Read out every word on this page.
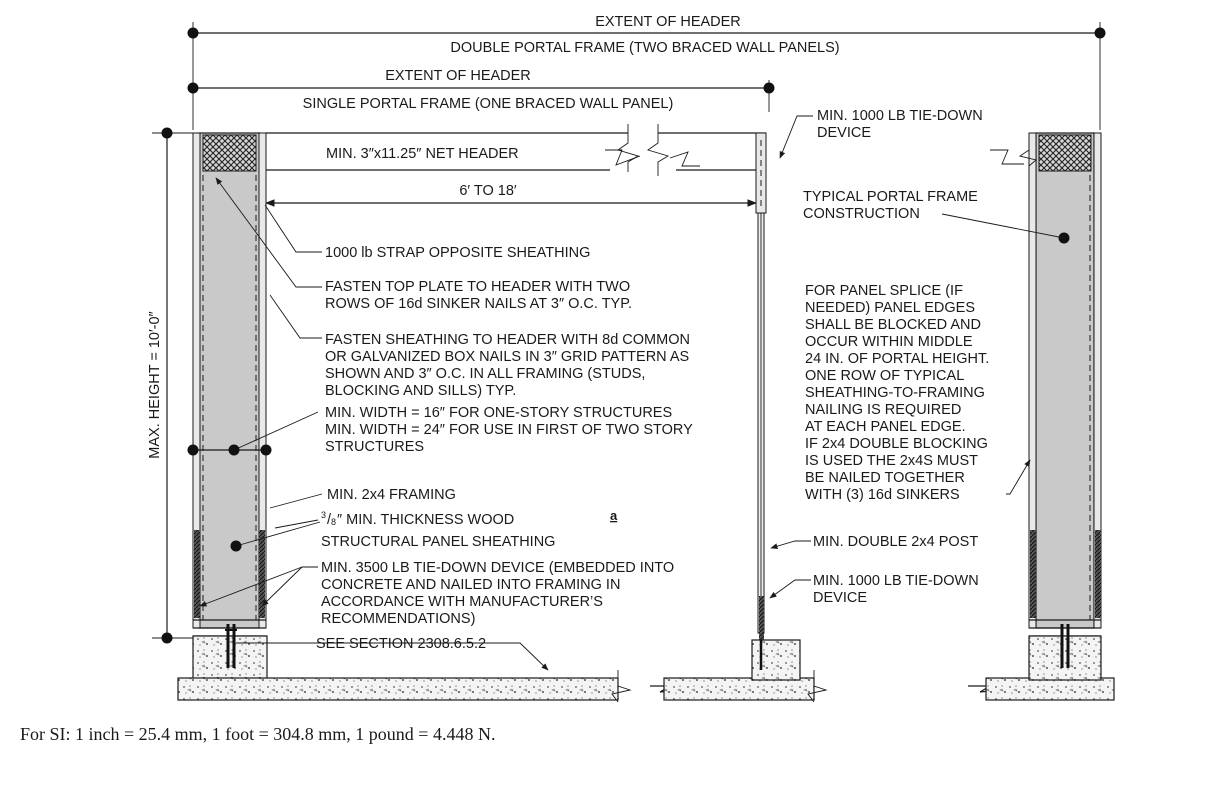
EXTENT OF HEADER
DOUBLE PORTAL FRAME (TWO BRACED WALL PANELS)
EXTENT OF HEADER
SINGLE PORTAL FRAME (ONE BRACED WALL PANEL)
MAX. HEIGHT = 10′-0″
MIN. 3″x11.25″ NET HEADER
6′ TO 18′
1000 lb STRAP OPPOSITE SHEATHING
FASTEN TOP PLATE TO HEADER WITH TWO
ROWS OF 16d SINKER NAILS AT 3″ O.C. TYP.
FASTEN SHEATHING TO HEADER WITH 8d COMMON
OR GALVANIZED BOX NAILS IN 3″ GRID PATTERN AS
SHOWN AND 3″ O.C. IN ALL FRAMING (STUDS,
BLOCKING AND SILLS) TYP.
MIN. WIDTH = 16″ FOR ONE-STORY STRUCTURES
MIN. WIDTH = 24″ FOR USE IN FIRST OF TWO STORY
STRUCTURES
MIN. 2x4 FRAMING
3 / 8 ″ MIN. THICKNESS WOOD	a
STRUCTURAL PANEL SHEATHING
MIN. 3500 LB TIE-DOWN DEVICE (EMBEDDED INTO
CONCRETE AND NAILED INTO FRAMING IN
ACCORDANCE WITH MANUFACTURER’S
RECOMMENDATIONS)
SEE SECTION 2308.6.5.2
MIN. 1000 LB TIE-DOWN
DEVICE
TYPICAL PORTAL FRAME
CONSTRUCTION
FOR PANEL SPLICE (IF
NEEDED) PANEL EDGES
SHALL BE BLOCKED AND
OCCUR WITHIN MIDDLE
24 IN. OF PORTAL HEIGHT.
ONE ROW OF TYPICAL
SHEATHING-TO-FRAMING
NAILING IS REQUIRED
AT EACH PANEL EDGE.
IF 2x4 DOUBLE BLOCKING
IS USED THE 2x4S MUST
BE NAILED TOGETHER
WITH (3) 16d SINKERS
MIN. DOUBLE 2x4 POST
MIN. 1000 LB TIE-DOWN
DEVICE
For SI: 1 inch = 25.4 mm, 1 foot = 304.8 mm, 1 pound = 4.448 N.
